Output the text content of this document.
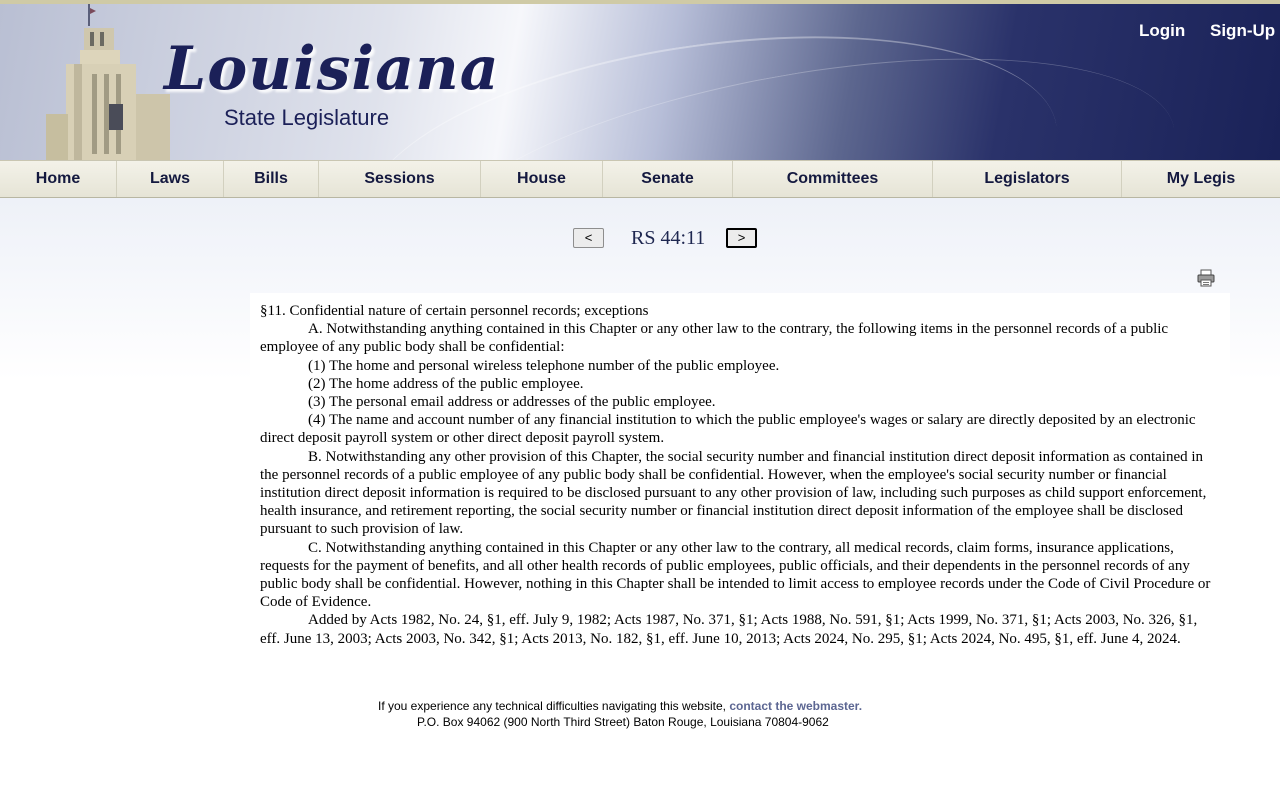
Louisiana
State Legislature
Login Sign-Up
Home	Laws	Bills	Sessions	House	Senate	Committees	Legislators	My Legis
<	RS 44:11	>

§11. Confidential nature of certain personnel records; exceptions

A. Notwithstanding anything contained in this Chapter or any other law to the contrary, the following items in the personnel records of a public employee of any public body shall be confidential:

(1) The home and personal wireless telephone number of the public employee.

(2) The home address of the public employee.

(3) The personal email address or addresses of the public employee.

(4) The name and account number of any financial institution to which the public employee's wages or salary are directly deposited by an electronic direct deposit payroll system or other direct deposit payroll system.

B. Notwithstanding any other provision of this Chapter, the social security number and financial institution direct deposit information as contained in the personnel records of a public employee of any public body shall be confidential. However, when the employee's social security number or financial institution direct deposit information is required to be disclosed pursuant to any other provision of law, including such purposes as child support enforcement, health insurance, and retirement reporting, the social security number or financial institution direct deposit information of the employee shall be disclosed pursuant to such provision of law.

C. Notwithstanding anything contained in this Chapter or any other law to the contrary, all medical records, claim forms, insurance applications, requests for the payment of benefits, and all other health records of public employees, public officials, and their dependents in the personnel records of any public body shall be confidential. However, nothing in this Chapter shall be intended to limit access to employee records under the Code of Civil Procedure or Code of Evidence.

Added by Acts 1982, No. 24, §1, eff. July 9, 1982; Acts 1987, No. 371, §1; Acts 1988, No. 591, §1; Acts 1999, No. 371, §1; Acts 2003, No. 326, §1, eff. June 13, 2003; Acts 2003, No. 342, §1; Acts 2013, No. 182, §1, eff. June 10, 2013; Acts 2024, No. 295, §1; Acts 2024, No. 495, §1, eff. June 4, 2024.

If you experience any technical difficulties navigating this website, contact the webmaster.
P.O. Box 94062 (900 North Third Street) Baton Rouge, Louisiana 70804-9062
